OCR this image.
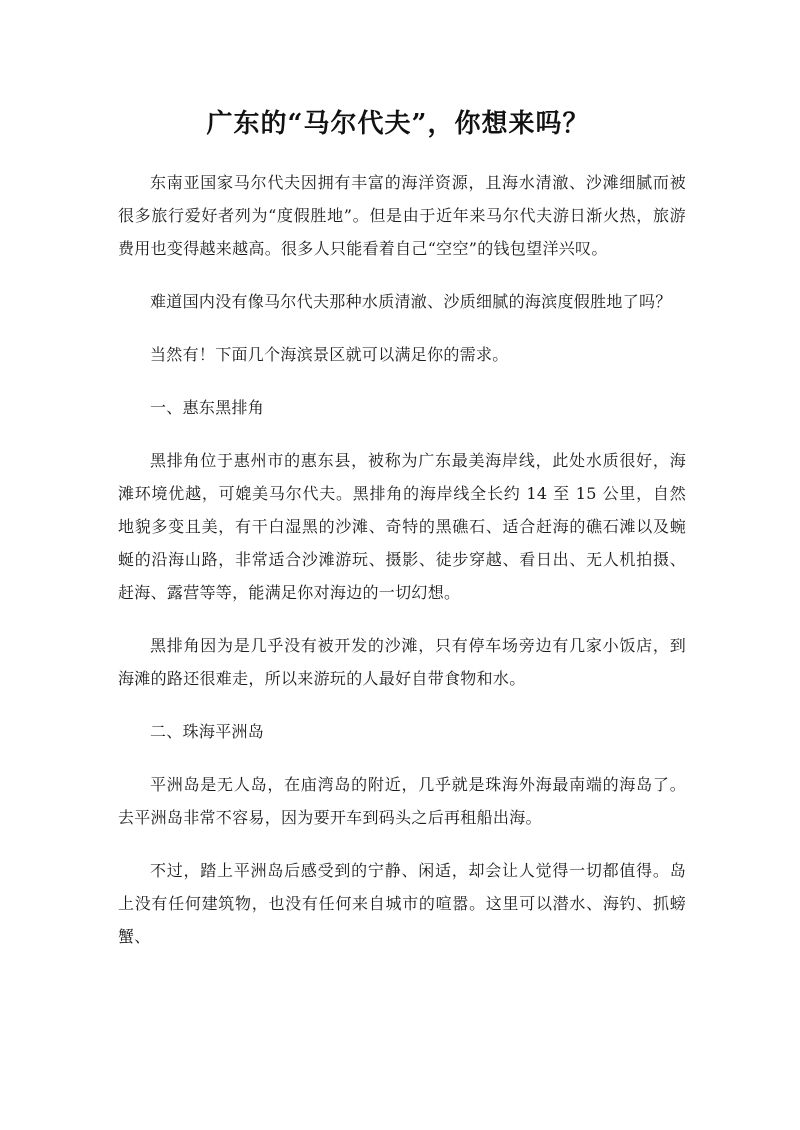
广东的“马尔代夫”，你想来吗？

东南亚国家马尔代夫因拥有丰富的海洋资源，且海水清澈、沙滩细腻而被很多旅行爱好者列为“度假胜地”。但是由于近年来马尔代夫游日渐火热，旅游费用也变得越来越高。很多人只能看着自己“空空”的钱包望洋兴叹。

难道国内没有像马尔代夫那种水质清澈、沙质细腻的海滨度假胜地了吗？

当然有！下面几个海滨景区就可以满足你的需求。

一、惠东黑排角

黑排角位于惠州市的惠东县，被称为广东最美海岸线，此处水质很好，海滩环境优越，可媲美马尔代夫。黑排角的海岸线全长约 14 至 15 公里，自然地貌多变且美，有干白湿黑的沙滩、奇特的黑礁石、适合赶海的礁石滩以及蜿蜒的沿海山路，非常适合沙滩游玩、摄影、徒步穿越、看日出、无人机拍摄、赶海、露营等等，能满足你对海边的一切幻想。

黑排角因为是几乎没有被开发的沙滩，只有停车场旁边有几家小饭店，到海滩的路还很难走，所以来游玩的人最好自带食物和水。

二、珠海平洲岛

平洲岛是无人岛，在庙湾岛的附近，几乎就是珠海外海最南端的海岛了。去平洲岛非常不容易，因为要开车到码头之后再租船出海。

不过，踏上平洲岛后感受到的宁静、闲适，却会让人觉得一切都值得。岛上没有任何建筑物，也没有任何来自城市的喧嚣。这里可以潜水、海钓、抓螃蟹、
